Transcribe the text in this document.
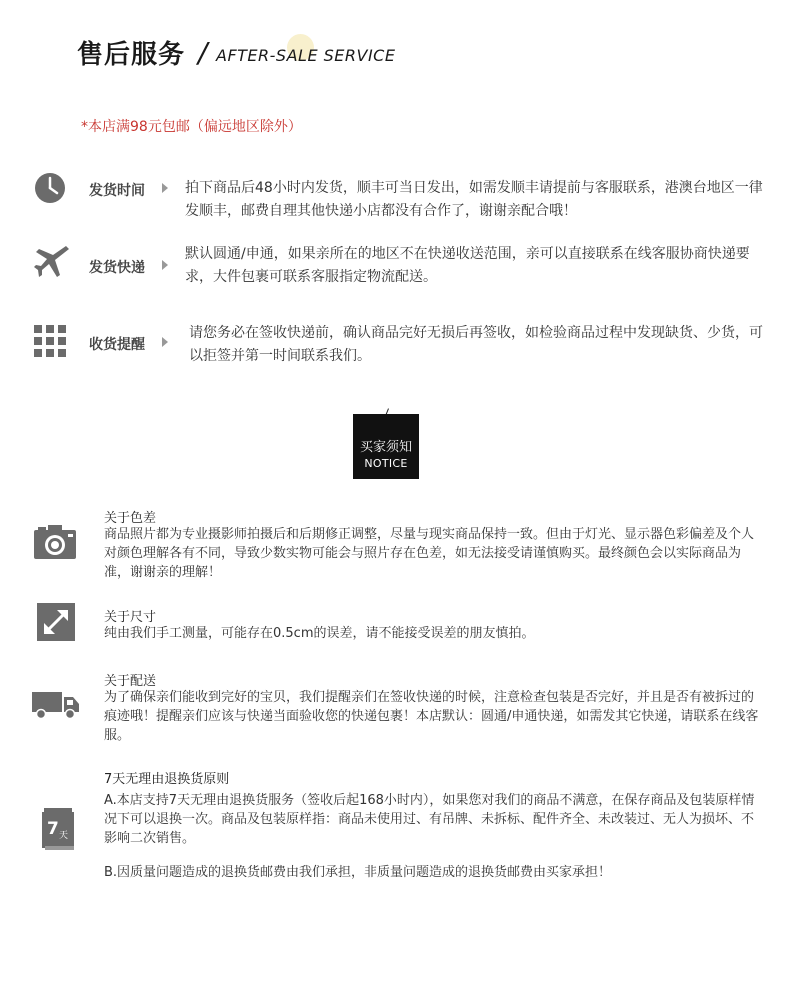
售后服务 / AFTER-SALE SERVICE
*本店满98元包邮（偏远地区除外）
发货时间	拍下商品后48小时内发货，顺丰可当日发出，如需发顺丰请提前与客服联系，港澳台地区一律发顺丰，邮费自理其他快递小店都没有合作了，谢谢亲配合哦！
发货快递
默认圆通/申通，如果亲所在的地区不在快递收送范围，亲可以直接联系在线客服协商快递要求，大件包裹可联系客服指定物流配送。
收货提醒
请您务必在签收快递前，确认商品完好无损后再签收，如检验商品过程中发现缺货、少货，可以拒签并第一时间联系我们。
买家须知
NOTICE
关于色差
商品照片都为专业摄影师拍摄后和后期修正调整，尽量与现实商品保持一致。但由于灯光、显示器色彩偏差及个人对颜色理解各有不同，导致少数实物可能会与照片存在色差，如无法接受请谨慎购买。最终颜色会以实际商品为准，谢谢亲的理解！
关于尺寸
纯由我们手工测量，可能存在0.5cm的误差，请不能接受误差的朋友慎拍。
关于配送
为了确保亲们能收到完好的宝贝，我们提醒亲们在签收快递的时候，注意检查包装是否完好，并且是否有被拆过的痕迹哦！提醒亲们应该与快递当面验收您的快递包裹！本店默认：圆通/申通快递，如需发其它快递，请联系在线客服。
7 天
7天无理由退换货原则
A.本店支持7天无理由退换货服务（签收后起168小时内），如果您对我们的商品不满意，在保存商品及包装原样情况下可以退换一次。商品及包装原样指：商品未使用过、有吊牌、未拆标、配件齐全、未改装过、无人为损坏、不影响二次销售。
B.因质量问题造成的退换货邮费由我们承担，非质量问题造成的退换货邮费由买家承担！
